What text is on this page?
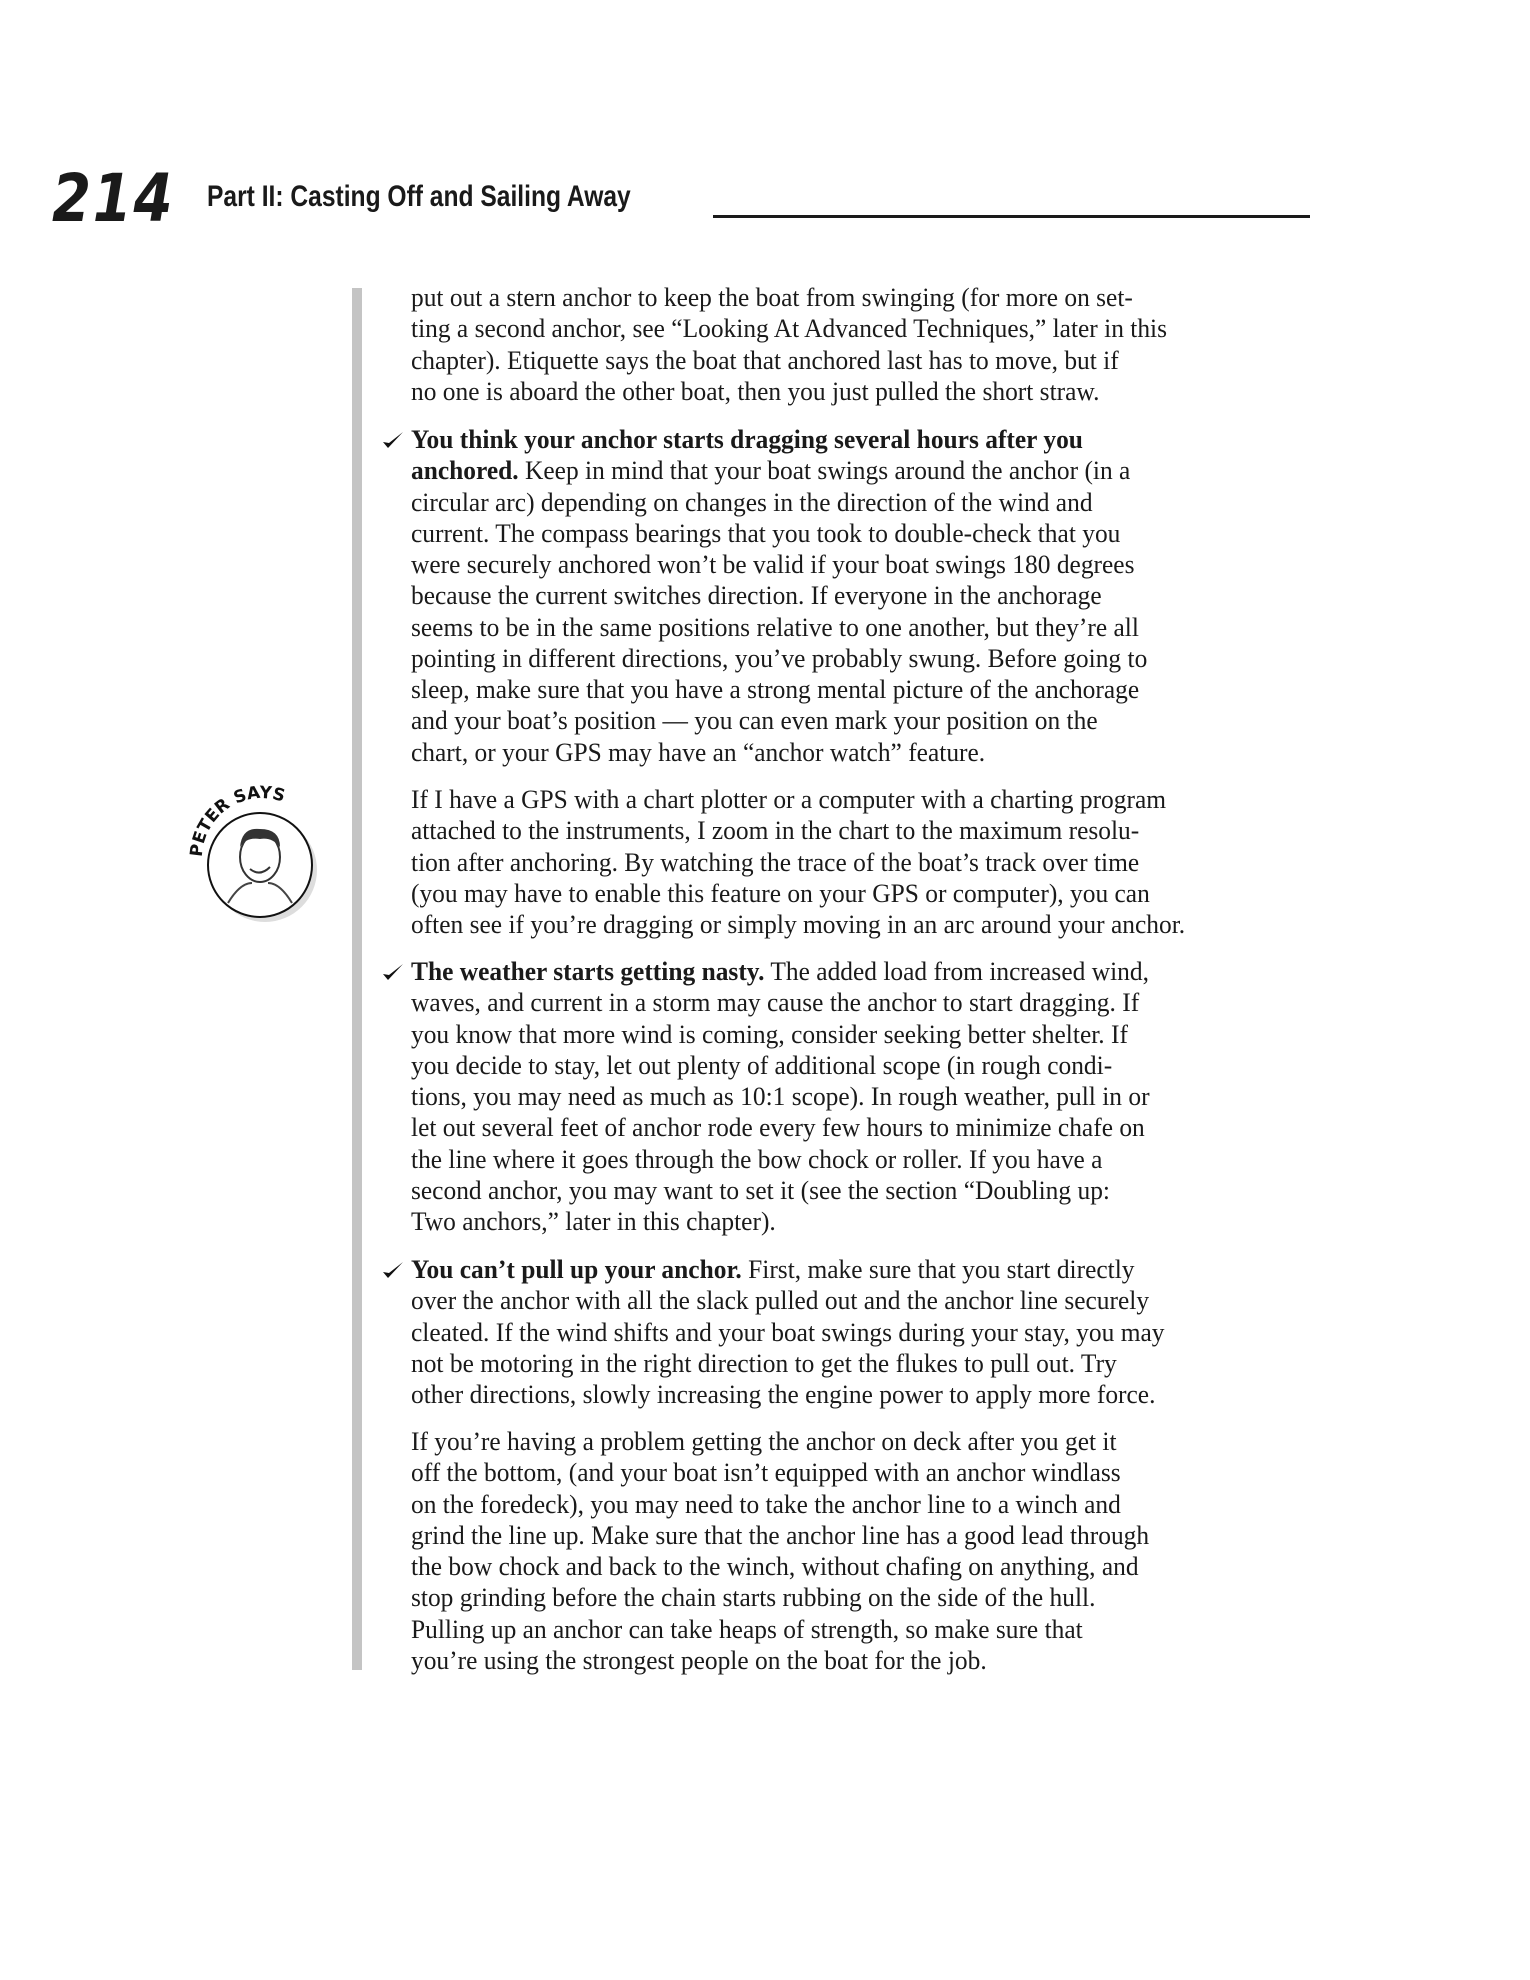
214 Part II: Casting Off and Sailing Away
PETER SAYS
put out a stern anchor to keep the boat from swinging (for more on set-
ting a second anchor, see “Looking At Advanced Techniques,” later in this
chapter). Etiquette says the boat that anchored last has to move, but if
no one is aboard the other boat, then you just pulled the short straw.
You think your anchor starts dragging several hours after you
anchored. Keep in mind that your boat swings around the anchor (in a
circular arc) depending on changes in the direction of the wind and
current. The compass bearings that you took to double-check that you
were securely anchored won’t be valid if your boat swings 180 degrees
because the current switches direction. If everyone in the anchorage
seems to be in the same positions relative to one another, but they’re all
pointing in different directions, you’ve probably swung. Before going to
sleep, make sure that you have a strong mental picture of the anchorage
and your boat’s position — you can even mark your position on the
chart, or your GPS may have an “anchor watch” feature.
If I have a GPS with a chart plotter or a computer with a charting program
attached to the instruments, I zoom in the chart to the maximum resolu-
tion after anchoring. By watching the trace of the boat’s track over time
(you may have to enable this feature on your GPS or computer), you can
often see if you’re dragging or simply moving in an arc around your anchor.
The weather starts getting nasty. The added load from increased wind,
waves, and current in a storm may cause the anchor to start dragging. If
you know that more wind is coming, consider seeking better shelter. If
you decide to stay, let out plenty of additional scope (in rough condi-
tions, you may need as much as 10:1 scope). In rough weather, pull in or
let out several feet of anchor rode every few hours to minimize chafe on
the line where it goes through the bow chock or roller. If you have a
second anchor, you may want to set it (see the section “Doubling up:
Two anchors,” later in this chapter).
You can’t pull up your anchor. First, make sure that you start directly
over the anchor with all the slack pulled out and the anchor line securely
cleated. If the wind shifts and your boat swings during your stay, you may
not be motoring in the right direction to get the flukes to pull out. Try
other directions, slowly increasing the engine power to apply more force.
If you’re having a problem getting the anchor on deck after you get it
off the bottom, (and your boat isn’t equipped with an anchor windlass
on the foredeck), you may need to take the anchor line to a winch and
grind the line up. Make sure that the anchor line has a good lead through
the bow chock and back to the winch, without chafing on anything, and
stop grinding before the chain starts rubbing on the side of the hull.
Pulling up an anchor can take heaps of strength, so make sure that
you’re using the strongest people on the boat for the job.
